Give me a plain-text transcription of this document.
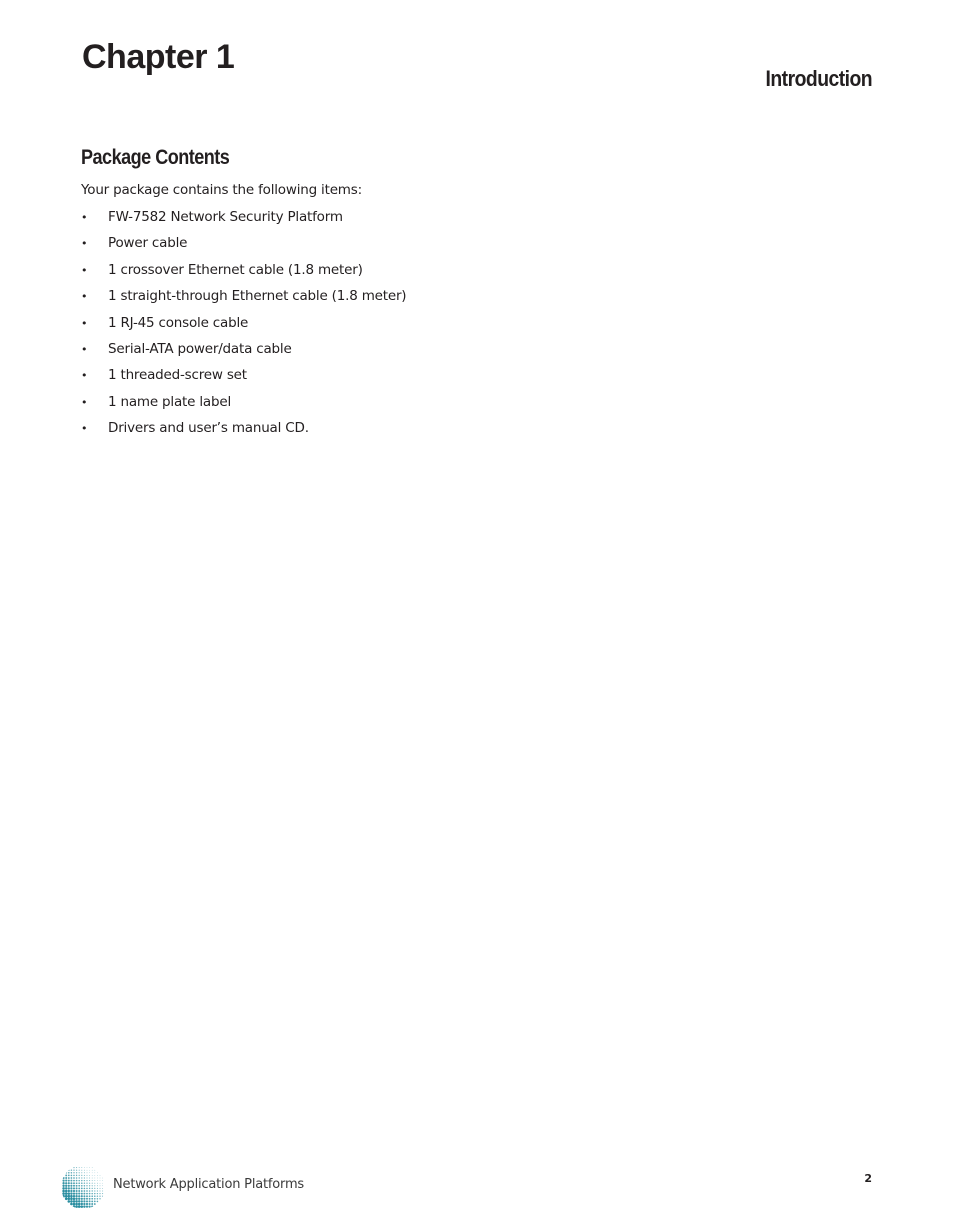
Chapter 1
Introduction
Package Contents

Your package contains the following items:

• FW-7582 Network Security Platform
• Power cable
• 1 crossover Ethernet cable (1.8 meter)
• 1 straight-through Ethernet cable (1.8 meter)
• 1 RJ-45 console cable
• Serial-ATA power/data cable
• 1 threaded-screw set
• 1 name plate label
• Drivers and user’s manual CD.
Network Application Platforms	2
